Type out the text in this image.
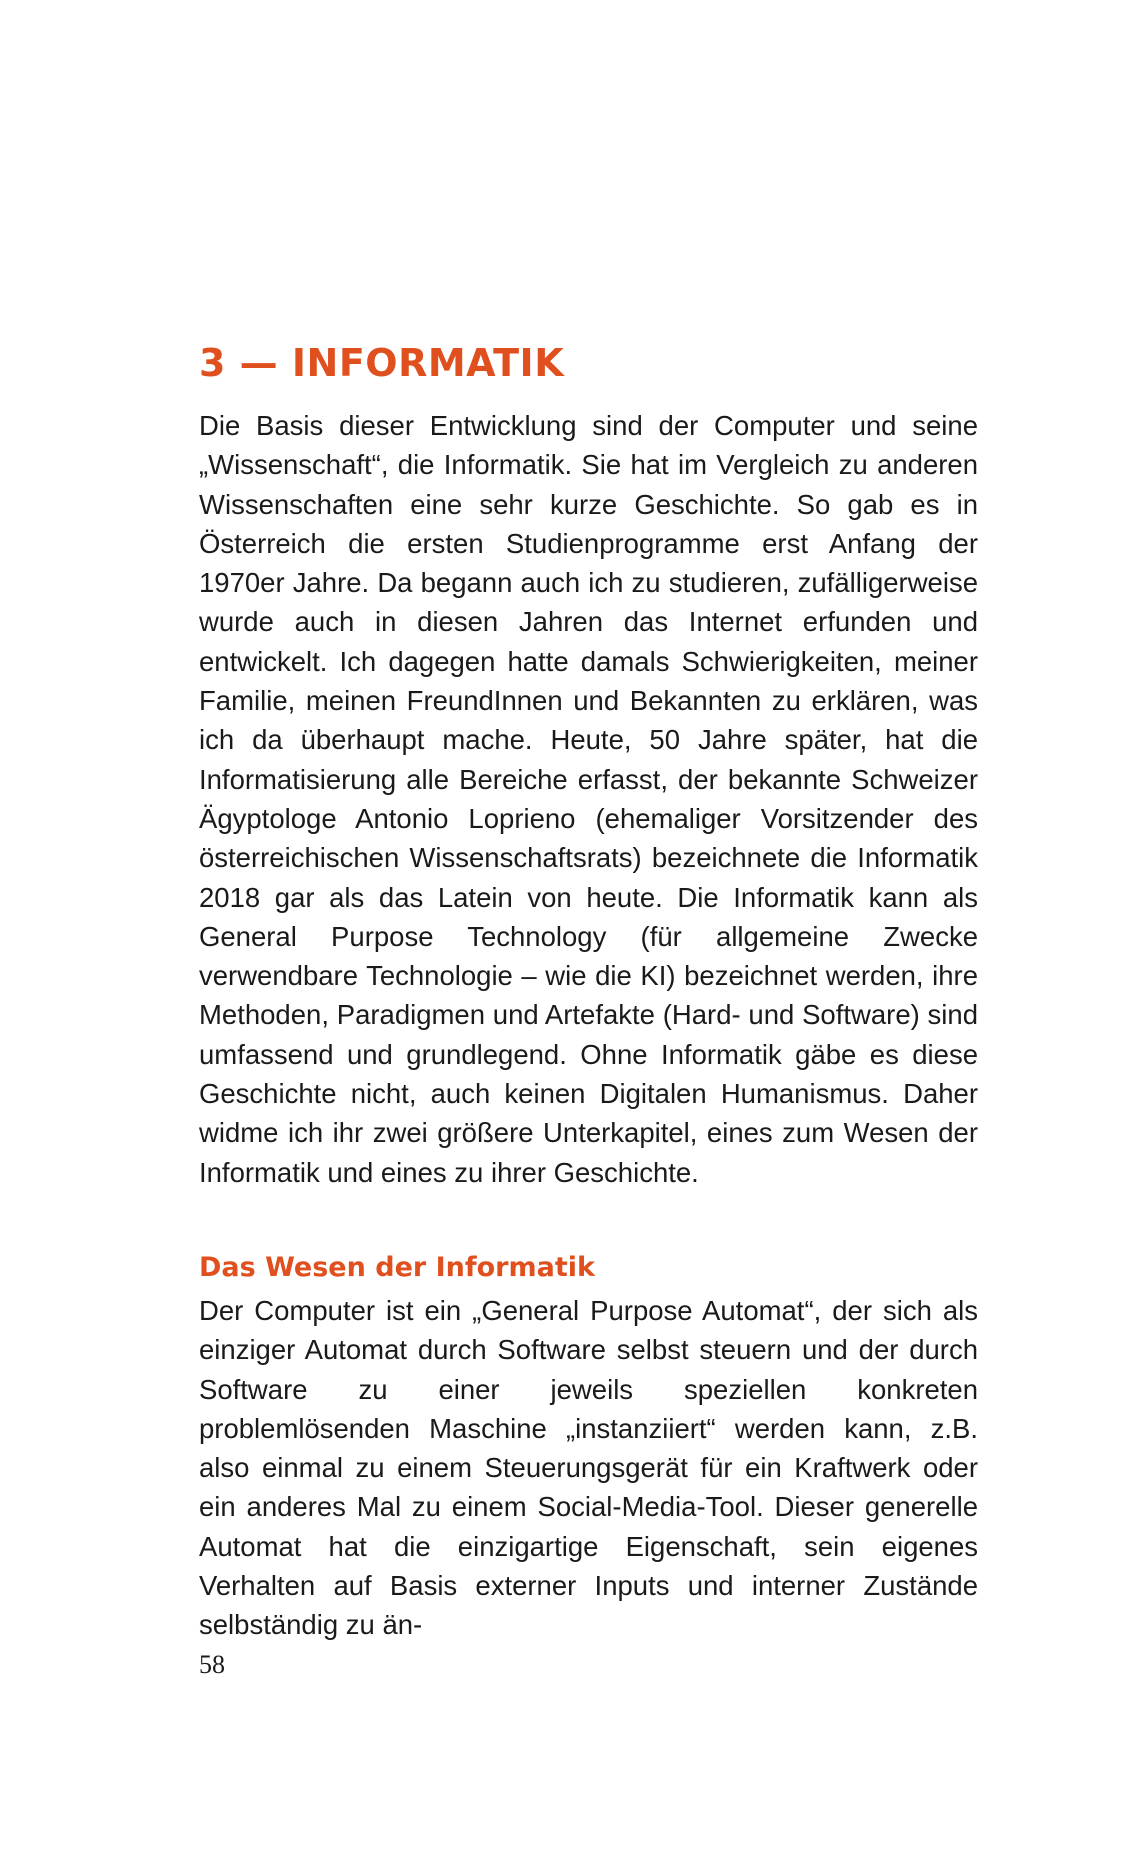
3 — INFORMATIK

Die Basis dieser Entwicklung sind der Computer und seine „Wissenschaft“, die Informatik. Sie hat im Vergleich zu anderen Wissenschaften eine sehr kurze Geschichte. So gab es in Österreich die ersten Studienprogramme erst Anfang der 1970er Jahre. Da begann auch ich zu studieren, zufälligerweise wurde auch in diesen Jahren das Internet erfunden und entwickelt. Ich dagegen hatte damals Schwierigkeiten, meiner Familie, meinen FreundInnen und Bekannten zu erklären, was ich da überhaupt mache. Heute, 50 Jahre später, hat die Informatisierung alle Bereiche erfasst, der bekannte Schweizer Ägyptologe Antonio Loprieno (ehemaliger Vorsitzender des österreichischen Wissenschaftsrats) bezeichnete die Informatik 2018 gar als das Latein von heute. Die Informatik kann als General Purpose Technology (für allgemeine Zwecke verwendbare Technologie – wie die KI) bezeichnet werden, ihre Methoden, Paradigmen und Artefakte (Hard- und Software) sind umfassend und grundlegend. Ohne Informatik gäbe es diese Geschichte nicht, auch keinen Digitalen Humanismus. Daher widme ich ihr zwei größere Unterkapitel, eines zum Wesen der Informatik und eines zu ihrer Geschichte.

Das Wesen der Informatik

Der Computer ist ein „General Purpose Automat“, der sich als einziger Automat durch Software selbst steuern und der durch Software zu einer jeweils speziellen konkreten problemlösenden Maschine „instanziiert“ werden kann, z.B. also einmal zu einem Steuerungsgerät für ein Kraftwerk oder ein anderes Mal zu einem Social-Media-Tool. Dieser generelle Automat hat die einzigartige Eigenschaft, sein eigenes Verhalten auf Basis externer Inputs und interner Zustände selbständig zu än-

58
